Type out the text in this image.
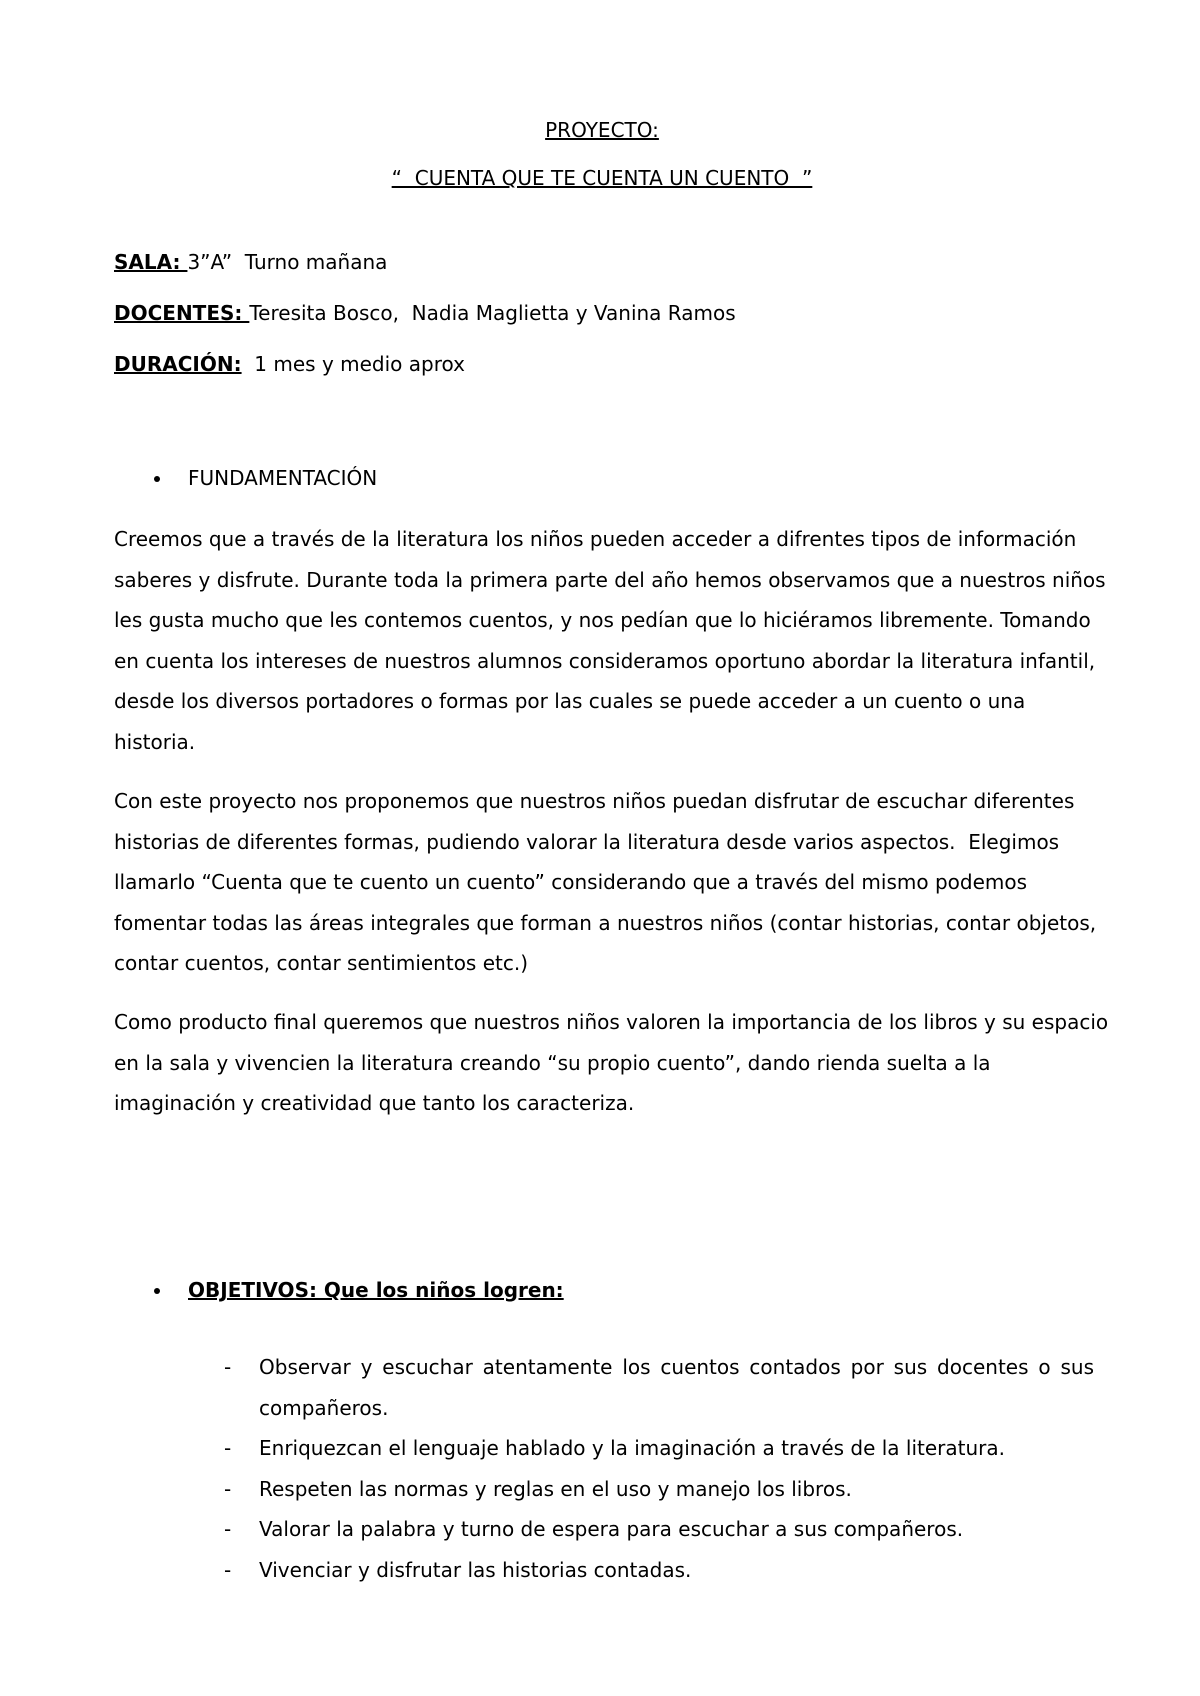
PROYECTO:
“  CUENTA QUE TE CUENTA UN CUENTO  ”
SALA: 3”A”  Turno mañana
DOCENTES: Teresita Bosco,  Nadia Maglietta y Vanina Ramos
DURACIÓN:  1 mes y medio aprox
FUNDAMENTACIÓN
Creemos que a través de la literatura los niños pueden acceder a difrentes tipos de información
saberes y disfrute. Durante toda la primera parte del año hemos observamos que a nuestros niños
les gusta mucho que les contemos cuentos, y nos pedían que lo hiciéramos libremente. Tomando
en cuenta los intereses de nuestros alumnos consideramos oportuno abordar la literatura infantil,
desde los diversos portadores o formas por las cuales se puede acceder a un cuento o una
historia.
Con este proyecto nos proponemos que nuestros niños puedan disfrutar de escuchar diferentes
historias de diferentes formas, pudiendo valorar la literatura desde varios aspectos.  Elegimos
llamarlo “Cuenta que te cuento un cuento” considerando que a través del mismo podemos
fomentar todas las áreas integrales que forman a nuestros niños (contar historias, contar objetos,
contar cuentos, contar sentimientos etc.)
Como producto final queremos que nuestros niños valoren la importancia de los libros y su espacio
en la sala y vivencien la literatura creando “su propio cuento”, dando rienda suelta a la
imaginación y creatividad que tanto los caracteriza.
OBJETIVOS: Que los niños logren:
- Observar y escuchar atentamente los cuentos contados por sus docentes o sus compañeros.
- Enriquezcan el lenguaje hablado y la imaginación a través de la literatura.
- Respeten las normas y reglas en el uso y manejo los libros.
- Valorar la palabra y turno de espera para escuchar a sus compañeros.
- Vivenciar y disfrutar las historias contadas.
